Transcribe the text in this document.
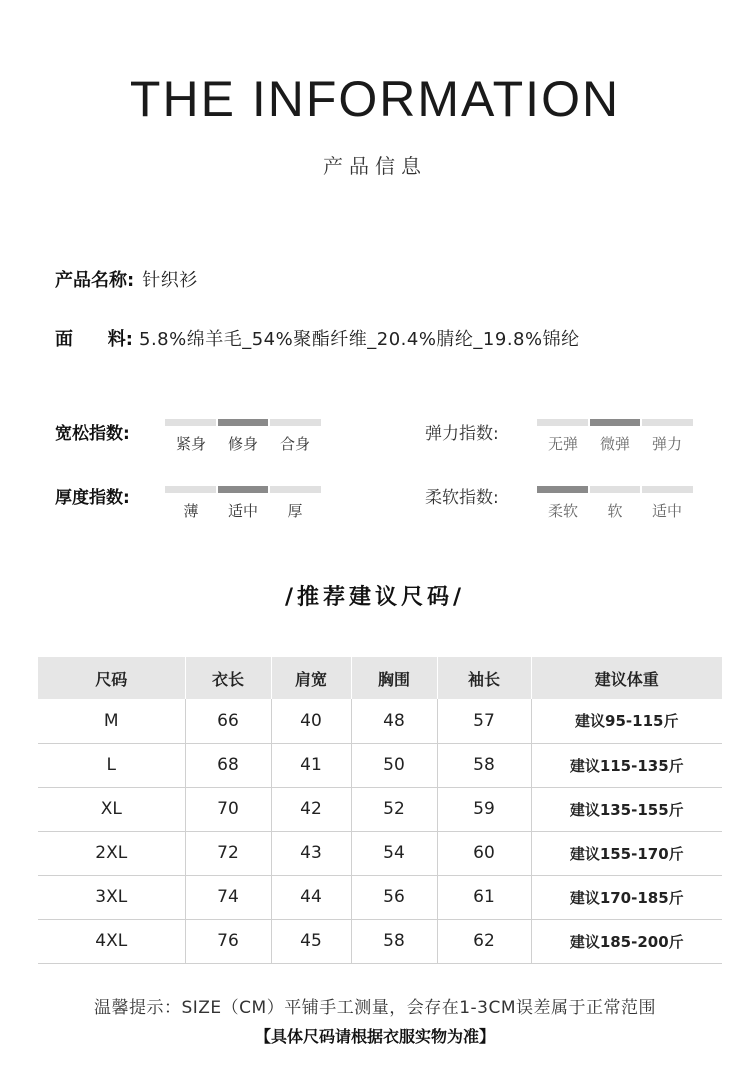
THE INFORMATION
产品信息
产品名称: 针织衫
面 料: 5.8%绵羊毛_54%聚酯纤维_20.4%腈纶_19.8%锦纶
宽松指数:	紧身	修身	合身	弹力指数:	无弹	微弹	弹力
厚度指数:
薄	适中	厚
柔软指数:
柔软	软	适中
/推荐建议尺码/
尺码	衣长	肩宽	胸围	袖长	建议体重
M	66	40	48	57	建议95-115斤
L	68	41	50	58	建议115-135斤
XL	70	42	52	59	建议135-155斤
2XL	72	43	54	60	建议155-170斤
3XL	74	44	56	61	建议170-185斤
4XL	76	45	58	62	建议185-200斤
温馨提示：SIZE（CM）平铺手工测量，会存在1-3CM误差属于正常范围
【具体尺码请根据衣服实物为准】
